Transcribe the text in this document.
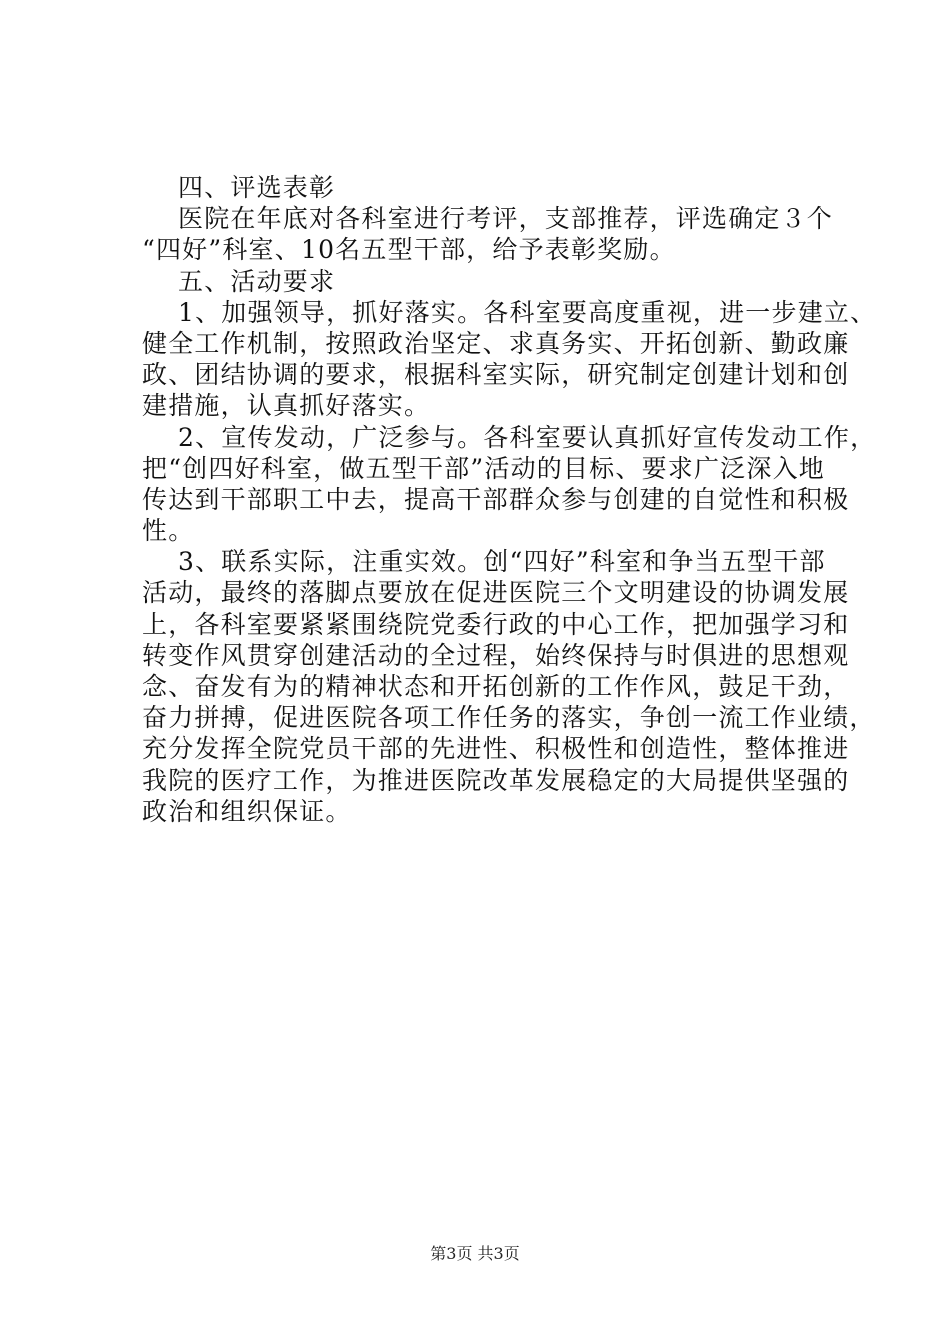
四、评选表彰
医院在年底对各科室进行考评，支部推荐，评选确定３个
“四好”科室、10名五型干部，给予表彰奖励。
五、活动要求
1、加强领导，抓好落实。各科室要高度重视，进一步建立、
健全工作机制，按照政治坚定、求真务实、开拓创新、勤政廉
政、团结协调的要求，根据科室实际，研究制定创建计划和创
建措施，认真抓好落实。
2、宣传发动，广泛参与。各科室要认真抓好宣传发动工作，
把“创四好科室，做五型干部”活动的目标、要求广泛深入地
传达到干部职工中去，提高干部群众参与创建的自觉性和积极
性。
3、联系实际，注重实效。创“四好”科室和争当五型干部
活动，最终的落脚点要放在促进医院三个文明建设的协调发展
上，各科室要紧紧围绕院党委行政的中心工作，把加强学习和
转变作风贯穿创建活动的全过程，始终保持与时俱进的思想观
念、奋发有为的精神状态和开拓创新的工作作风，鼓足干劲，
奋力拼搏，促进医院各项工作任务的落实，争创一流工作业绩，
充分发挥全院党员干部的先进性、积极性和创造性，整体推进
我院的医疗工作，为推进医院改革发展稳定的大局提供坚强的
政治和组织保证。
第3页 共3页
